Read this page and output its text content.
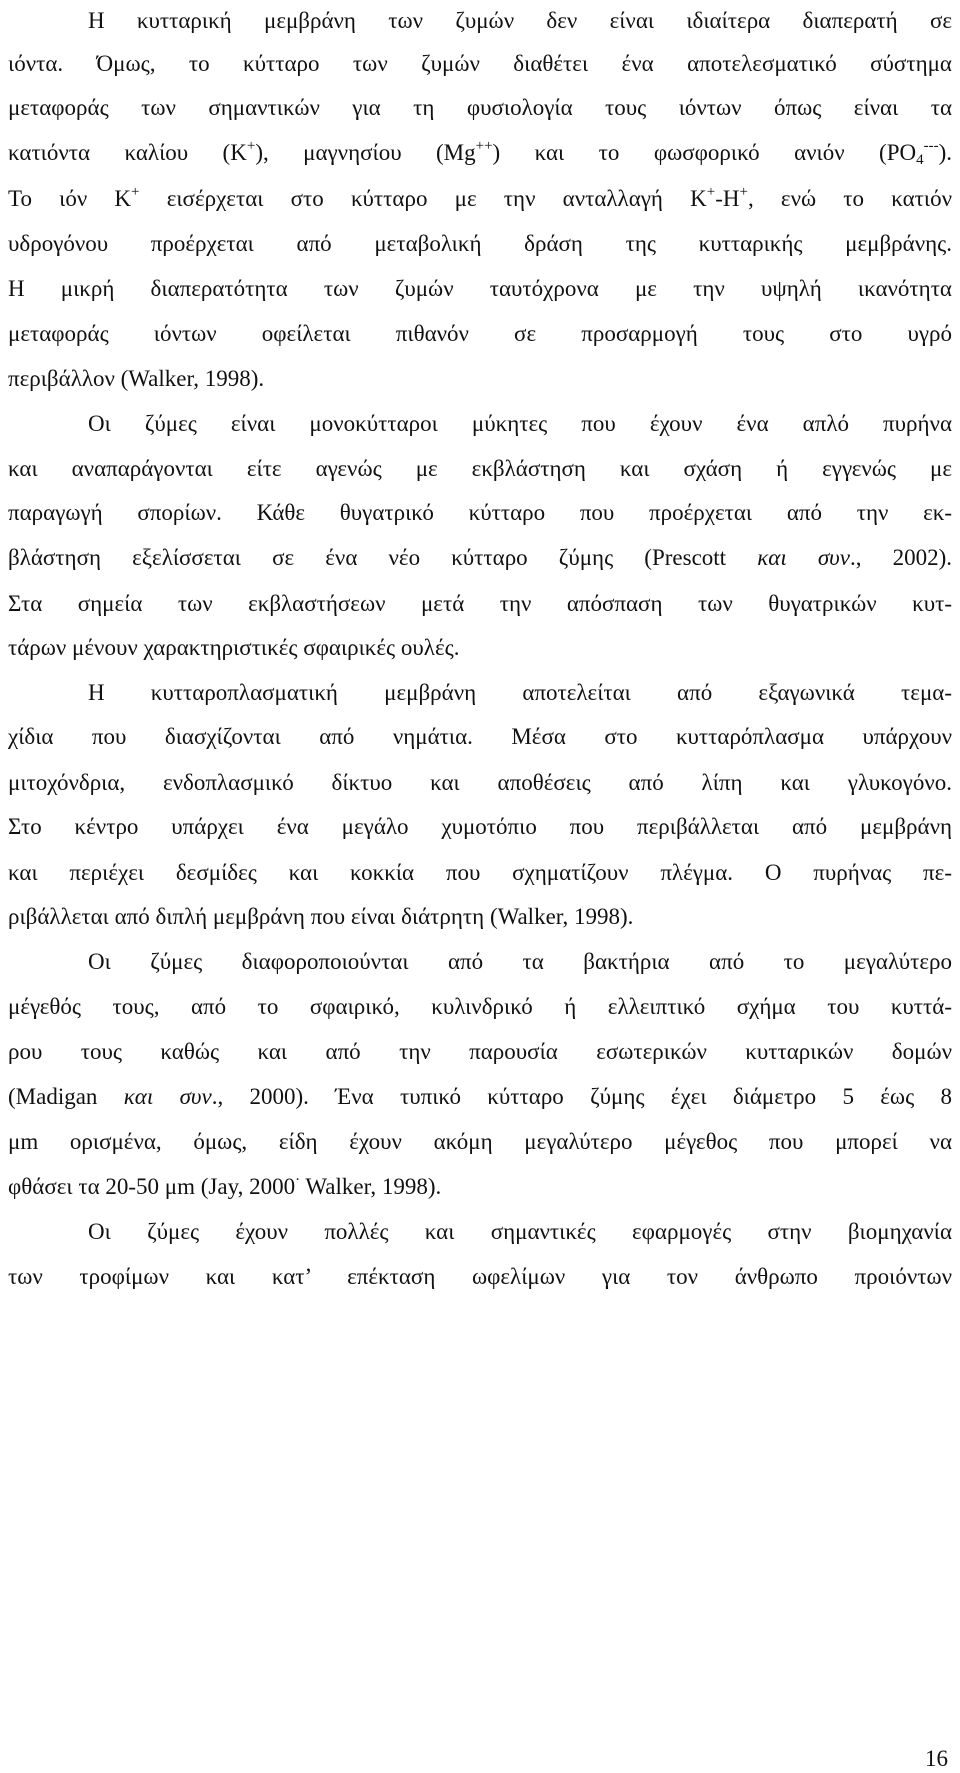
Η κυτταρική μεμβράνη των ζυμών δεν είναι ιδιαίτερα διαπερατή σε
ιόντα. Όμως, το κύτταρο των ζυμών διαθέτει ένα αποτελεσματικό σύστημα
μεταφοράς των σημαντικών για τη φυσιολογία τους ιόντων όπως είναι τα
κατιόντα καλίου (K+), μαγνησίου (Mg++) και το φωσφορικό ανιόν $(PO_4^{---})$.
Το ιόν K+ εισέρχεται στο κύτταρο με την ανταλλαγή K+-H+, ενώ το κατιόν
υδρογόνου προέρχεται από μεταβολική δράση της κυτταρικής μεμβράνης.
Η μικρή διαπερατότητα των ζυμών ταυτόχρονα με την υψηλή ικανότητα
μεταφοράς ιόντων οφείλεται πιθανόν σε προσαρμογή τους στο υγρό
περιβάλλον (Walker, 1998).
Οι ζύμες είναι μονοκύτταροι μύκητες που έχουν ένα απλό πυρήνα
και αναπαράγονται είτε αγενώς με εκβλάστηση και σχάση ή εγγενώς με
παραγωγή σπορίων. Κάθε θυγατρικό κύτταρο που προέρχεται από την εκ-
βλάστηση εξελίσσεται σε ένα νέο κύτταρο ζύμης (Prescott και συν., 2002).
Στα σημεία των εκβλαστήσεων μετά την απόσπαση των θυγατρικών κυτ-
τάρων μένουν χαρακτηριστικές σφαιρικές ουλές.
Η κυτταροπλασματική μεμβράνη αποτελείται από εξαγωνικά τεμα-
χίδια που διασχίζονται από νημάτια. Μέσα στο κυτταρόπλασμα υπάρχουν
μιτοχόνδρια, ενδοπλασμικό δίκτυο και αποθέσεις από λίπη και γλυκογόνο.
Στο κέντρο υπάρχει ένα μεγάλο χυμοτόπιο που περιβάλλεται από μεμβράνη
και περιέχει δεσμίδες και κοκκία που σχηματίζουν πλέγμα. Ο πυρήνας πε-
ριβάλλεται από διπλή μεμβράνη που είναι διάτρητη (Walker, 1998).
Οι ζύμες διαφοροποιούνται από τα βακτήρια από το μεγαλύτερο
μέγεθός τους, από το σφαιρικό, κυλινδρικό ή ελλειπτικό σχήμα του κυττά-
ρου τους καθώς και από την παρουσία εσωτερικών κυτταρικών δομών
(Madigan και συν., 2000). Ένα τυπικό κύτταρο ζύμης έχει διάμετρο 5 έως 8
μm ορισμένα, όμως, είδη έχουν ακόμη μεγαλύτερο μέγεθος που μπορεί να
φθάσει τα 20-50 μm (Jay, 2000· Walker, 1998).
Οι ζύμες έχουν πολλές και σημαντικές εφαρμογές στην βιομηχανία
των τροφίμων και κατ’ επέκταση ωφελίμων για τον άνθρωπο προιόντων
16
